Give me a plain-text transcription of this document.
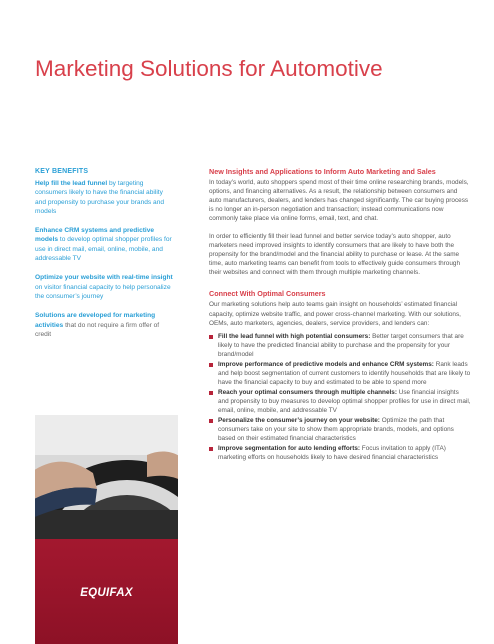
Marketing Solutions for Automotive
KEY BENEFITS

Help fill the lead funnel by targeting consumers likely to have the financial ability and propensity to purchase your brands and models

Enhance CRM systems and predictive models to develop optimal shopper profiles for use in direct mail, email, online, mobile, and addressable TV

Optimize your website with real-time insight on visitor financial capacity to help personalize the consumer’s journey

Solutions are developed for marketing activities that do not require a firm offer of credit

New Insights and Applications to Inform Auto Marketing and Sales

In today’s world, auto shoppers spend most of their time online researching brands, models, options, and financing alternatives. As a result, the relationship between consumers and auto manufacturers, dealers, and lenders has changed significantly. The car buying process is no longer an in-person negotiation and transaction; instead communications now commonly take place via online forms, email, text, and chat.

In order to efficiently fill their lead funnel and better service today’s auto shopper, auto marketers need improved insights to identify consumers that are likely to have both the propensity for the brand/model and the financial ability to purchase or lease. At the same time, auto marketing teams can benefit from tools to effectively guide consumers through their websites and connect with them through multiple marketing channels.

Connect With Optimal Consumers

Our marketing solutions help auto teams gain insight on households’ estimated financial capacity, optimize website traffic, and power cross-channel marketing. With our solutions, OEMs, auto marketers, agencies, dealers, service providers, and lenders can:

Fill the lead funnel with high potential consumers: Better target consumers that are likely to have the predicted financial ability to purchase and the propensity for your brand/model
Improve performance of predictive models and enhance CRM systems: Rank leads and help boost segmentation of current customers to identify households that are likely to have the financial capacity to buy and estimated to be able to spend more
Reach your optimal consumers through multiple channels: Use financial insights and propensity to buy measures to develop optimal shopper profiles for use in direct mail, email, online, mobile, and addressable TV
Personalize the consumer’s journey on your website: Optimize the path that consumers take on your site to show them appropriate brands, models, and options based on their estimated financial characteristics
Improve segmentation for auto lending efforts: Focus invitation to apply (ITA) marketing efforts on households likely to have desired financial characteristics
EQUIFAX
